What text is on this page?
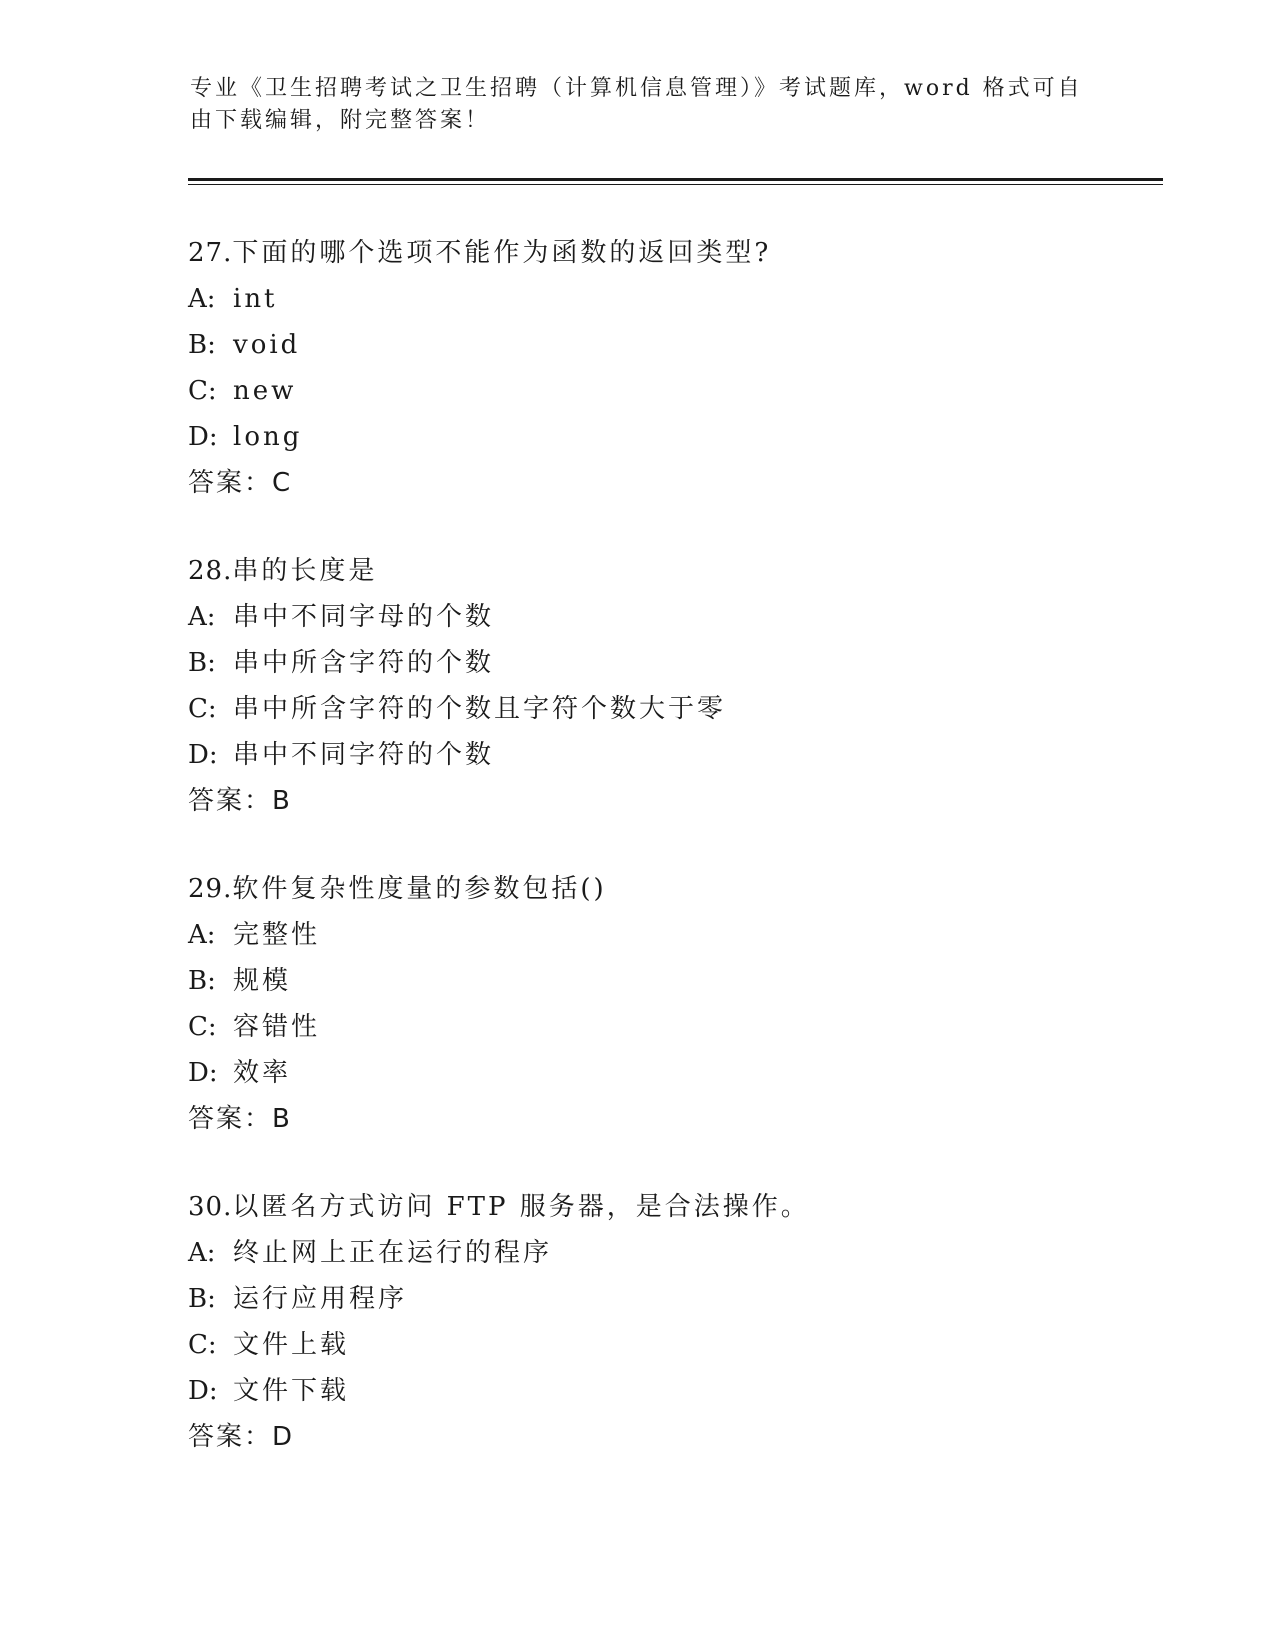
专业《卫生招聘考试之卫生招聘（计算机信息管理）》考试题库，word 格式可自
由下载编辑，附完整答案！
27.下面的哪个选项不能作为函数的返回类型?
A: int
B: void
C: new
D: long
答案：C
28.串的长度是
A: 串中不同字母的个数
B: 串中所含字符的个数
C: 串中所含字符的个数且字符个数大于零
D: 串中不同字符的个数
答案：B
29.软件复杂性度量的参数包括()
A: 完整性
B: 规模
C: 容错性
D: 效率
答案：B
30.以匿名方式访问 FTP 服务器，是合法操作。
A: 终止网上正在运行的程序
B: 运行应用程序
C: 文件上载
D: 文件下载
答案：D
